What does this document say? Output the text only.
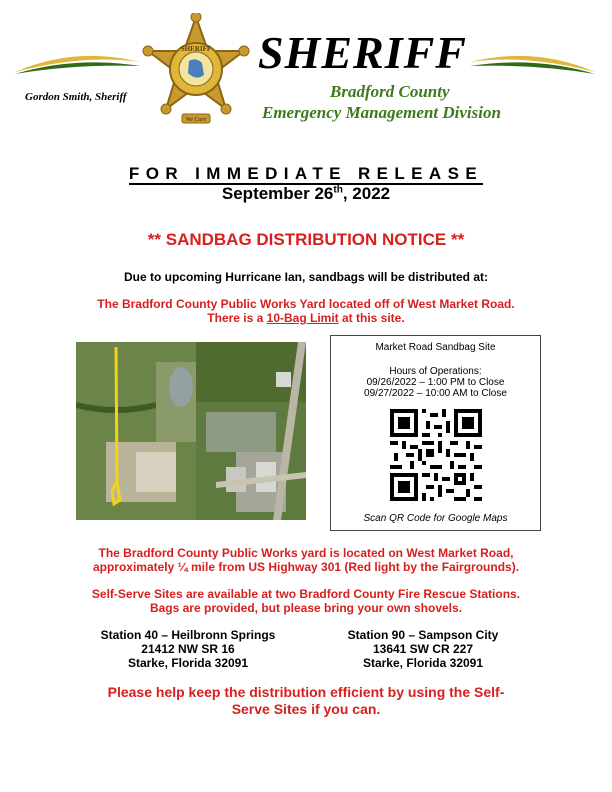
SHERIFF
We Care
SHERIFF
Bradford County
Emergency Management Division
Gordon Smith, Sheriff
FOR IMMEDIATE RELEASE
September 26th, 2022
** SANDBAG DISTRIBUTION NOTICE **
Due to upcoming Hurricane Ian, sandbags will be distributed at:
The Bradford County Public Works Yard located off of West Market Road.
There is a 10-Bag Limit at this site.
Market Road Sandbag Site
Hours of Operations:
09/26/2022 – 1:00 PM to Close
09/27/2022 – 10:00 AM to Close
Scan QR Code for Google Maps
The Bradford County Public Works yard is located on West Market Road,
approximately ¼ mile from US Highway 301 (Red light by the Fairgrounds).
Self-Serve Sites are available at two Bradford County Fire Rescue Stations.
Bags are provided, but please bring your own shovels.
Station 40 – Heilbronn Springs
21412 NW SR 16
Starke, Florida 32091
Station 90 – Sampson City
13641 SW CR 227
Starke, Florida 32091
Please help keep the distribution efficient by using the Self-
Serve Sites if you can.
